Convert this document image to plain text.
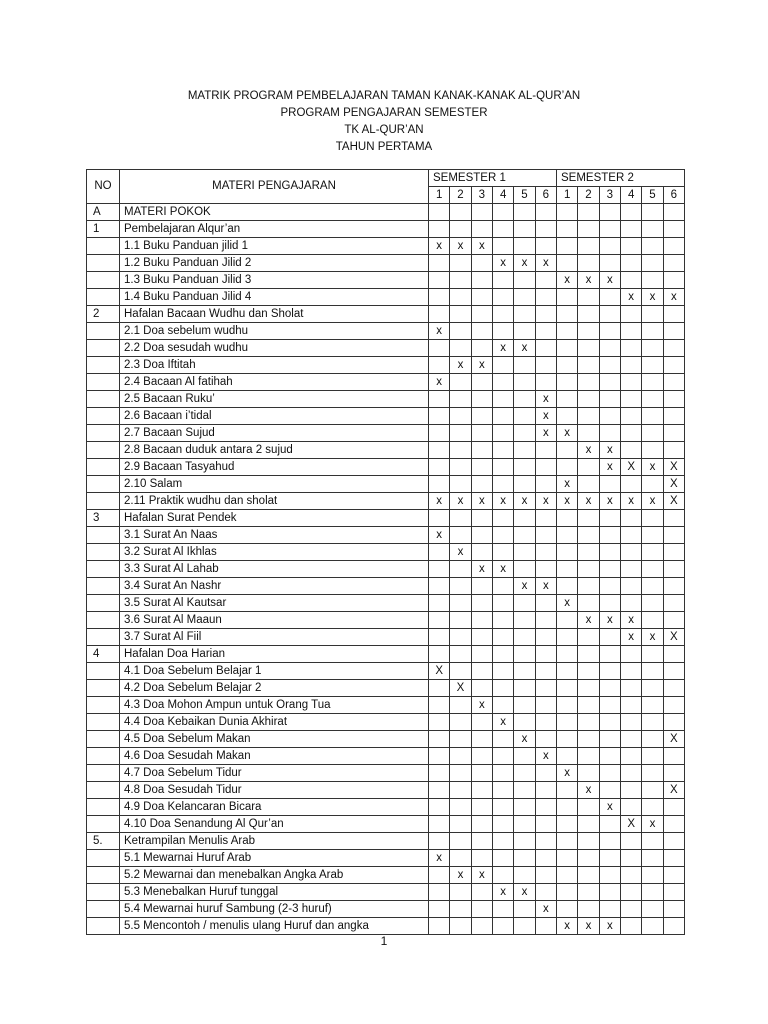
MATRIK PROGRAM PEMBELAJARAN TAMAN KANAK-KANAK AL-QUR’AN
PROGRAM PENGAJARAN SEMESTER
TK AL-QUR’AN
TAHUN PERTAMA
NO	MATERI PENGAJARAN	SEMESTER 1						SEMESTER 2					
		1	2	3	4	5	6	1	2	3	4	5	6
A	MATERI POKOK												
1	Pembelajaran Alqur’an												
	1.1 Buku Panduan jilid 1	x	x	x									
	1.2 Buku Panduan Jilid 2				x	x	x						
	1.3 Buku Panduan Jilid 3							x	x	x			
	1.4 Buku Panduan Jilid 4										x	x	x
2	Hafalan Bacaan Wudhu dan Sholat												
	2.1 Doa sebelum wudhu	x											
	2.2 Doa sesudah wudhu				x	x							
	2.3 Doa Iftitah		x	x									
	2.4 Bacaan Al fatihah	x											
	2.5 Bacaan Ruku’						x						
	2.6 Bacaan i’tidal						x						
	2.7 Bacaan Sujud						x	x					
	2.8 Bacaan duduk antara 2 sujud								x	x			
	2.9 Bacaan Tasyahud									x	X	x	X
	2.10 Salam							x					X
	2.11 Praktik wudhu dan sholat	x	x	x	x	x	x	x	x	x	x	x	X
3	Hafalan Surat Pendek												
	3.1 Surat An Naas	x											
	3.2 Surat Al Ikhlas		x										
	3.3 Surat Al Lahab			x	x								
	3.4 Surat An Nashr					x	x						
	3.5 Surat Al Kautsar							x					
	3.6 Surat Al Maaun								x	x	x		
	3.7 Surat Al Fiil										x	x	X
4	Hafalan Doa Harian												
	4.1 Doa Sebelum Belajar 1	X											
	4.2 Doa Sebelum Belajar 2		X										
	4.3 Doa Mohon Ampun untuk Orang Tua			x									
	4.4 Doa Kebaikan Dunia Akhirat				x								
	4.5 Doa Sebelum Makan					x							X
	4.6 Doa Sesudah Makan						x						
	4.7 Doa Sebelum Tidur							x					
	4.8 Doa Sesudah Tidur								x				X
	4.9 Doa Kelancaran Bicara									x			
	4.10 Doa Senandung Al Qur’an										X	x	
5.	Ketrampilan Menulis Arab												
	5.1 Mewarnai Huruf Arab	x											
	5.2 Mewarnai dan menebalkan Angka Arab		x	x									
	5.3 Menebalkan Huruf tunggal				x	x							
	5.4 Mewarnai huruf Sambung (2-3 huruf)						x						
	5.5 Mencontoh / menulis ulang Huruf dan angka							x	x	x			
1
